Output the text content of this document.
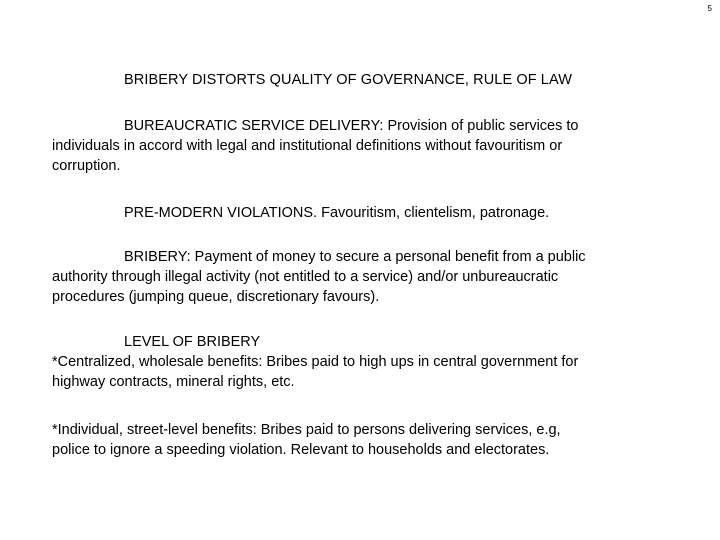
5
BRIBERY DISTORTS QUALITY OF GOVERNANCE, RULE OF LAW
BUREAUCRATIC SERVICE DELIVERY: Provision of public services to
individuals in accord with legal and institutional definitions without favouritism or
corruption.
PRE-MODERN VIOLATIONS. Favouritism, clientelism, patronage.
BRIBERY: Payment of money to secure a personal benefit from a public
authority through illegal activity (not entitled to a service) and/or unbureaucratic
procedures (jumping queue, discretionary favours).
LEVEL OF BRIBERY
*Centralized, wholesale benefits: Bribes paid to high ups in central government for
highway contracts, mineral rights, etc.
*Individual, street-level benefits: Bribes paid to persons delivering services, e.g,
police to ignore a speeding violation. Relevant to households and electorates.
